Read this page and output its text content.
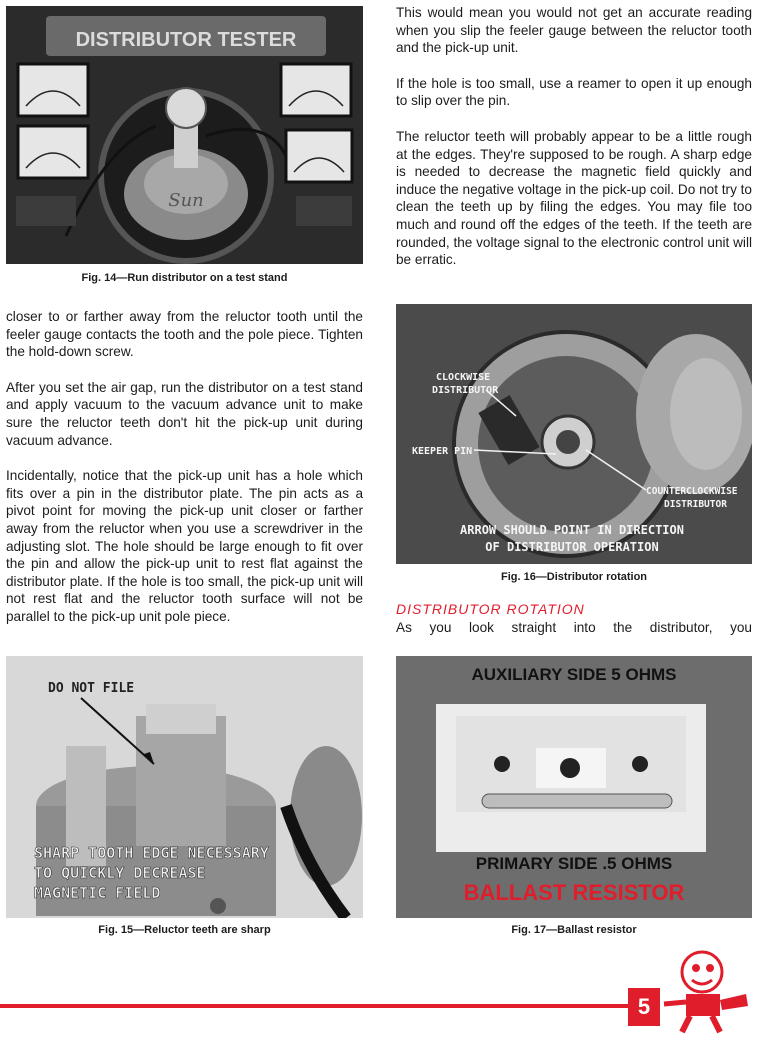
DISTRIBUTOR TESTER
Sun
Fig. 14—Run distributor on a test stand

closer to or farther away from the reluctor tooth until the feeler gauge contacts the tooth and the pole piece. Tighten the hold-down screw.

After you set the air gap, run the distributor on a test stand and apply vacuum to the vacuum advance unit to make sure the reluctor teeth don't hit the pick-up unit during vacuum advance.

Incidentally, notice that the pick-up unit has a hole which fits over a pin in the distributor plate. The pin acts as a pivot point for moving the pick-up unit closer or farther away from the reluctor when you use a screwdriver in the adjusting slot. The hole should be large enough to fit over the pin and allow the pick-up unit to rest flat against the distributor plate. If the hole is too small, the pick-up unit will not rest flat and the reluctor tooth surface will not be parallel to the pick-up unit pole piece.

DO NOT FILE
SHARP TOOTH EDGE NECESSARY
TO QUICKLY DECREASE
MAGNETIC FIELD
Fig. 15—Reluctor teeth are sharp

This would mean you would not get an accurate reading when you slip the feeler gauge between the reluctor tooth and the pick-up unit.

If the hole is too small, use a reamer to open it up enough to slip over the pin.

The reluctor teeth will probably appear to be a little rough at the edges. They're supposed to be rough. A sharp edge is needed to decrease the magnetic field quickly and induce the negative voltage in the pick-up coil. Do not try to clean the teeth up by filing the edges. You may file too much and round off the edges of the teeth. If the teeth are rounded, the voltage signal to the electronic control unit will be erratic.

CLOCKWISE
DISTRIBUTOR
KEEPER PIN
COUNTERCLOCKWISE
DISTRIBUTOR
ARROW SHOULD POINT IN DIRECTION
OF DISTRIBUTOR OPERATION
Fig. 16—Distributor rotation
DISTRIBUTOR ROTATION

As you look straight into the distributor, you

AUXILIARY SIDE 5 OHMS
PRIMARY SIDE .5 OHMS
BALLAST RESISTOR
Fig. 17—Ballast resistor
5
